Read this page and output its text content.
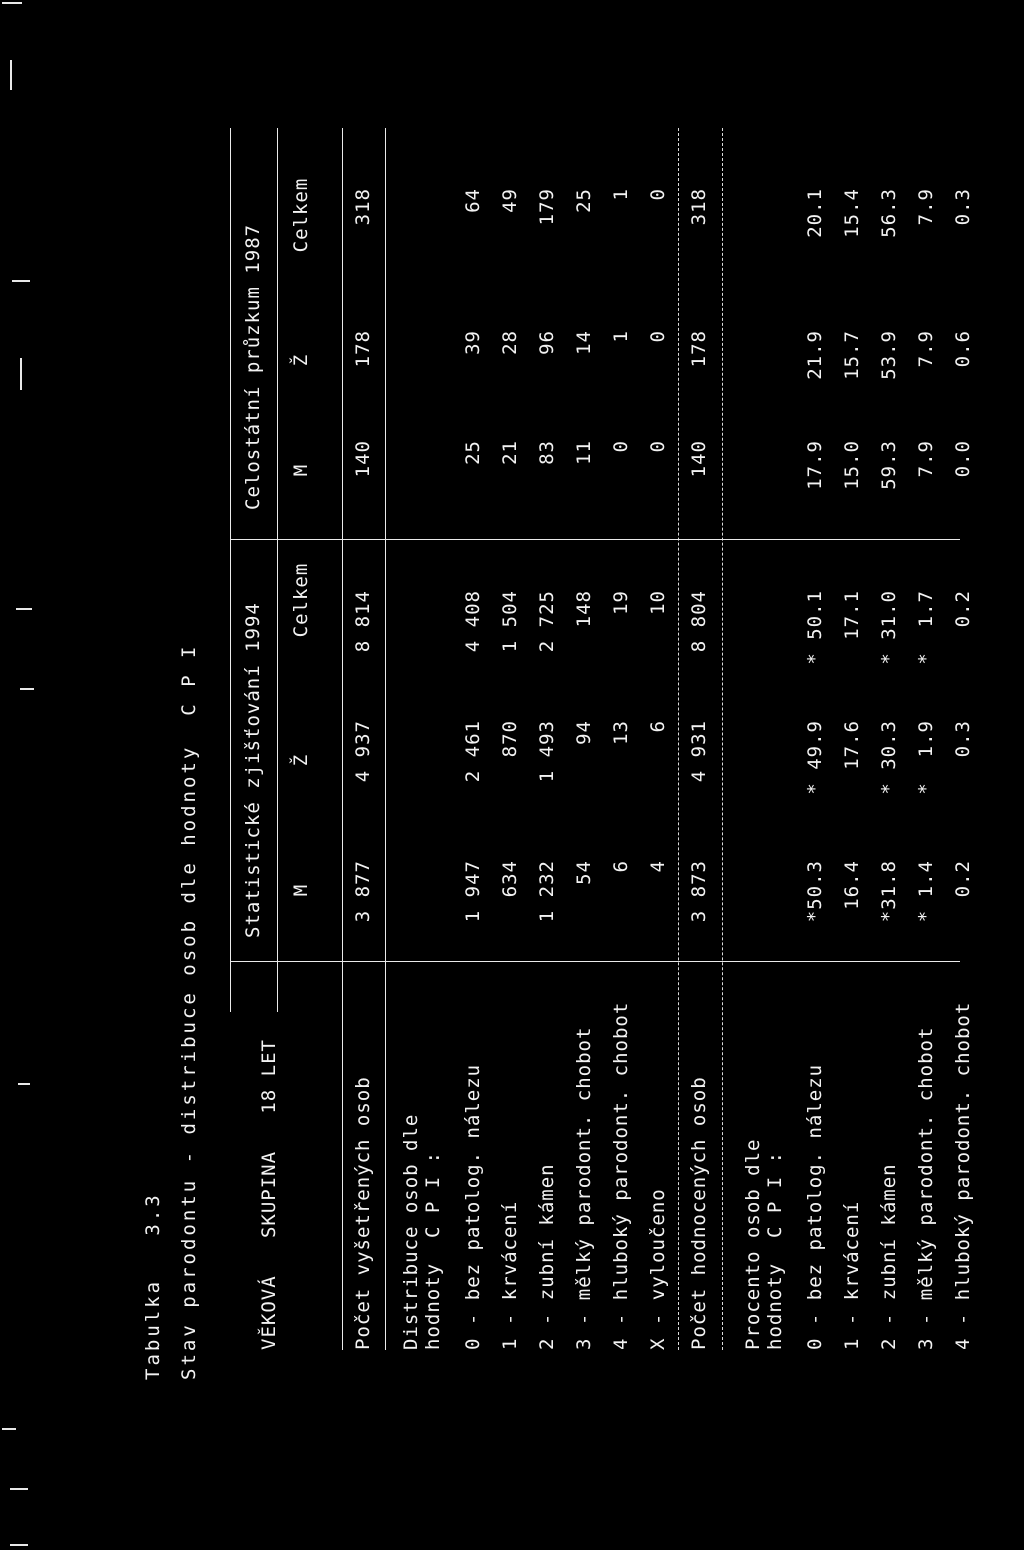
Tabulka   3.3 Stav parodontu - distribuce osob dle hodnoty  C P I	VĚKOVÁ   SKUPINA   18 LET
Statistické zjišťování 1994
Celostátní průzkum 1987
M
Ž
Celkem
M
Ž
Celkem
Počet vyšetřených osob
3 877
4 937
8 814
140
178
318
Distribuce osob dle hodnoty  C P I : 0 - bez patolog. nálezu
1 947
2 461
4 408
25
39
64
1 - krvácení
634
870
1 504
21
28
49
2 - zubní kámen
1 232
1 493
2 725
83
96
179
3 - mělký parodont. chobot
54
94
148
11
14
25
4 - hluboký parodont. chobot
6
13
19
0
1
1
X - vyloučeno
4
6
10
0
0
0
Počet hodnocených osob
3 873
4 931
8 804
140
178
318
Procento osob dle hodnoty  C P I : 0 - bez patolog. nálezu
*50.3
* 49.9
* 50.1
17.9
21.9
20.1
1 - krvácení
16.4
17.6
17.1
15.0
15.7
15.4
2 - zubní kámen
*31.8
* 30.3
* 31.0
59.3
53.9
56.3
3 - mělký parodont. chobot
* 1.4
*  1.9
*  1.7
7.9
7.9
7.9
4 - hluboký parodont. chobot
0.2
0.3
0.2
0.0
0.6
0.3
